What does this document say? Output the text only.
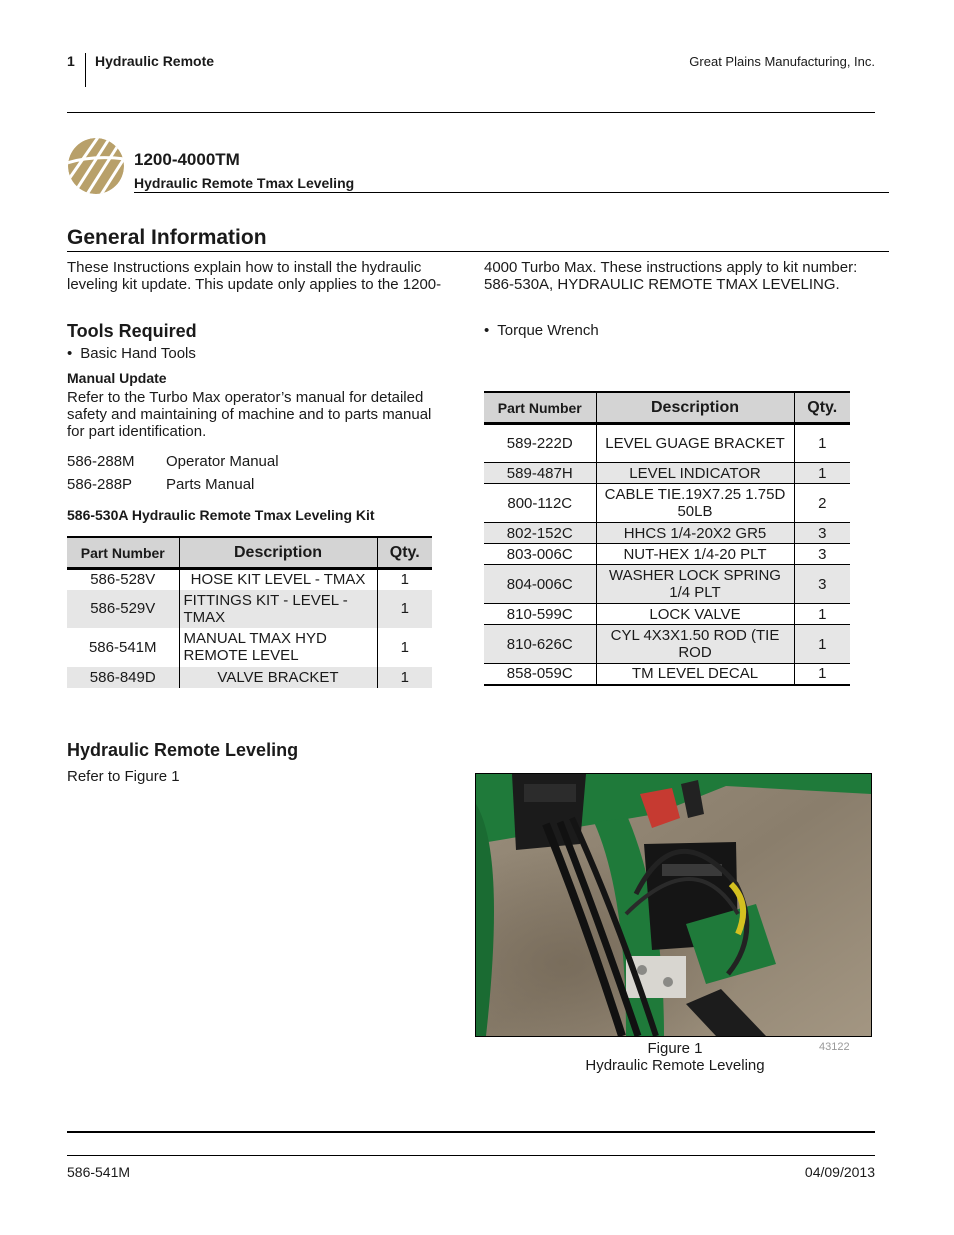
1 Hydraulic Remote	Great Plains Manufacturing, Inc.
1200-4000TM
Hydraulic Remote Tmax Leveling
General Information
These Instructions explain how to install the hydraulic leveling kit update. This update only applies to the 1200-
4000 Turbo Max. These instructions apply to kit number: 586-530A, HYDRAULIC REMOTE TMAX LEVELING.
Tools Required
• Basic Hand Tools
• Torque Wrench
Manual Update
Refer to the Turbo Max operator’s manual for detailed safety and maintaining of machine and to parts manual for part identification.
586-288M Operator Manual
586-288P Parts Manual
586-530A Hydraulic Remote Tmax Leveling Kit
Part Number	Description	Qty.
586-528V	HOSE KIT LEVEL - TMAX	1
586-529V	FITTINGS KIT - LEVEL - TMAX	1
586-541M	MANUAL TMAX HYD REMOTE LEVEL	1
586-849D	VALVE BRACKET	1
Part Number	Description	Qty.
589-222D	LEVEL GUAGE BRACKET	1
589-487H	LEVEL INDICATOR	1
800-112C	CABLE TIE.19X7.25 1.75D 50LB	2
802-152C	HHCS 1/4-20X2 GR5	3
803-006C	NUT-HEX 1/4-20 PLT	3
804-006C	WASHER LOCK SPRING 1/4 PLT	3
810-599C	LOCK VALVE	1
810-626C	CYL 4X3X1.50 ROD (TIE ROD	1
858-059C	TM LEVEL DECAL	1
Hydraulic Remote Leveling
Refer to Figure 1
Figure 1
Hydraulic Remote Leveling
43122
586-541M	04/09/2013
